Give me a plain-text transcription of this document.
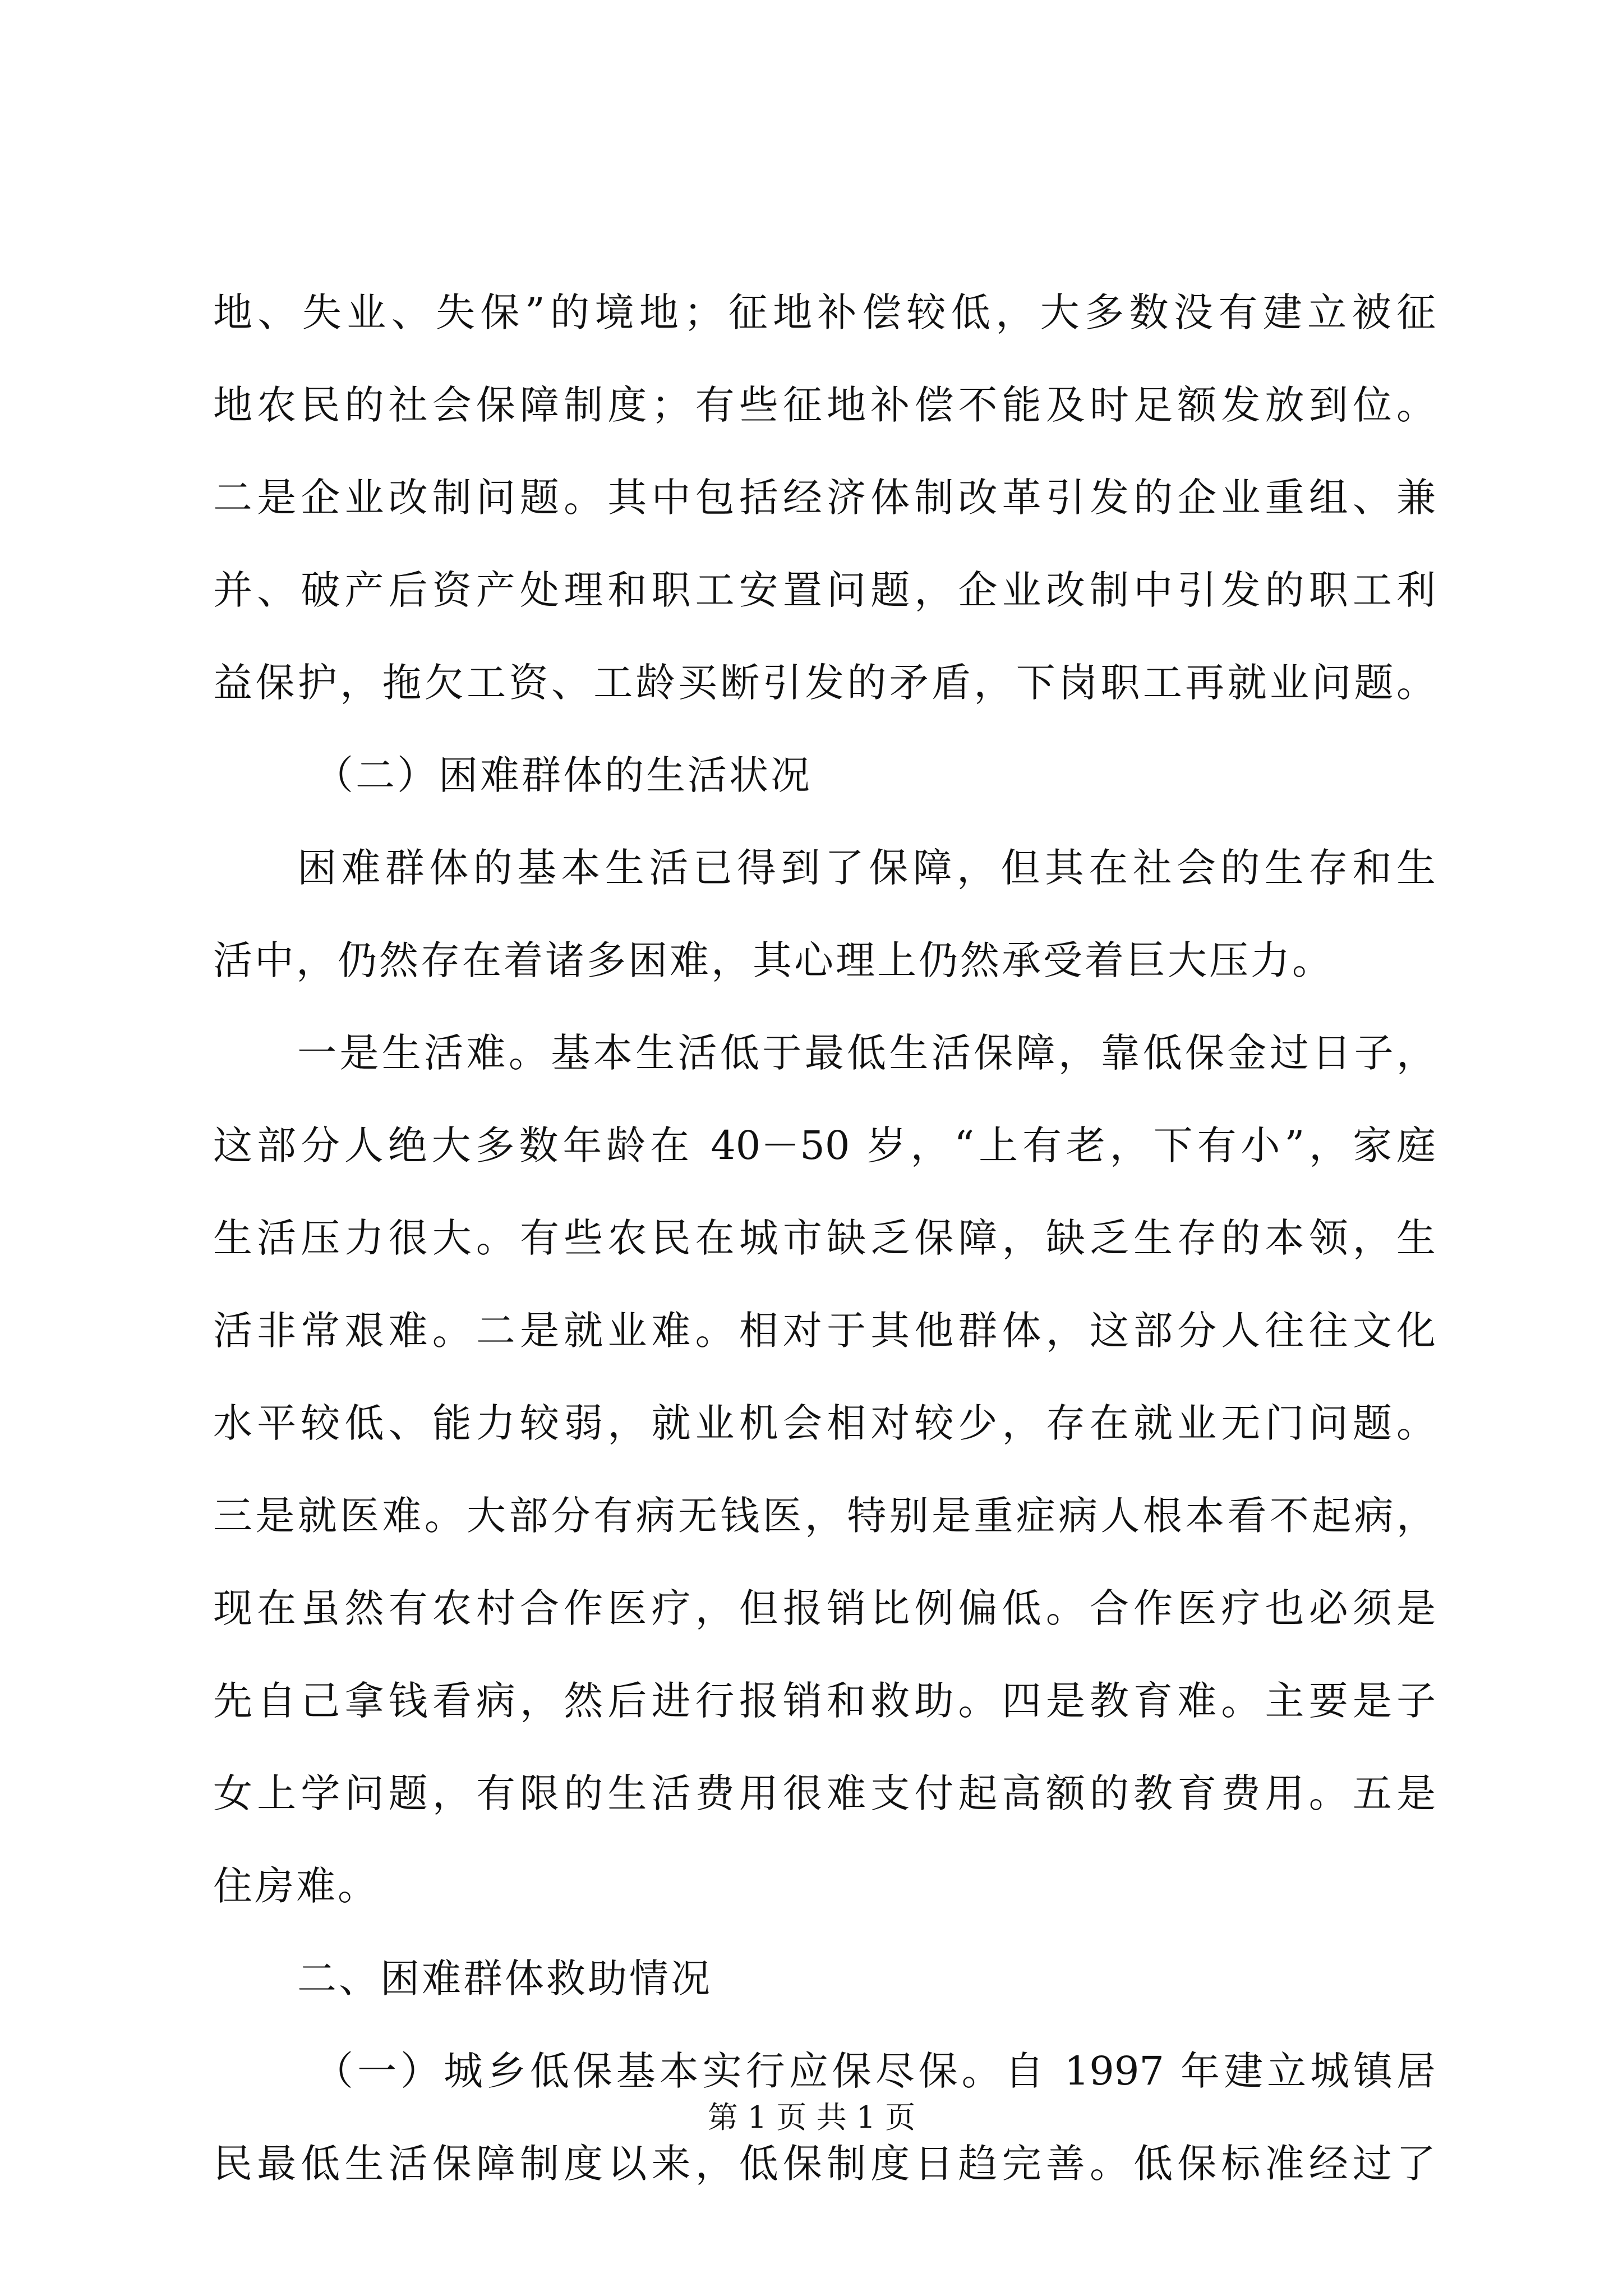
地、失业、失保”的境地；征地补偿较低，大多数没有建立被征
地农民的社会保障制度；有些征地补偿不能及时足额发放到位。
二是企业改制问题。其中包括经济体制改革引发的企业重组、兼
并、破产后资产处理和职工安置问题，企业改制中引发的职工利
益保护，拖欠工资、工龄买断引发的矛盾，下岗职工再就业问题。
（二）困难群体的生活状况
困难群体的基本生活已得到了保障，但其在社会的生存和生
活中，仍然存在着诸多困难，其心理上仍然承受着巨大压力。
一是生活难。基本生活低于最低生活保障，靠低保金过日子，
这部分人绝大多数年龄在 40－50 岁，“上有老，下有小”，家庭
生活压力很大。有些农民在城市缺乏保障，缺乏生存的本领，生
活非常艰难。二是就业难。相对于其他群体，这部分人往往文化
水平较低、能力较弱，就业机会相对较少，存在就业无门问题。
三是就医难。大部分有病无钱医，特别是重症病人根本看不起病，
现在虽然有农村合作医疗，但报销比例偏低。合作医疗也必须是
先自己拿钱看病，然后进行报销和救助。四是教育难。主要是子
女上学问题，有限的生活费用很难支付起高额的教育费用。五是
住房难。
二、困难群体救助情况
（一）城乡低保基本实行应保尽保。自 1997 年建立城镇居
民最低生活保障制度以来，低保制度日趋完善。低保标准经过了
第 1 页 共 1 页
